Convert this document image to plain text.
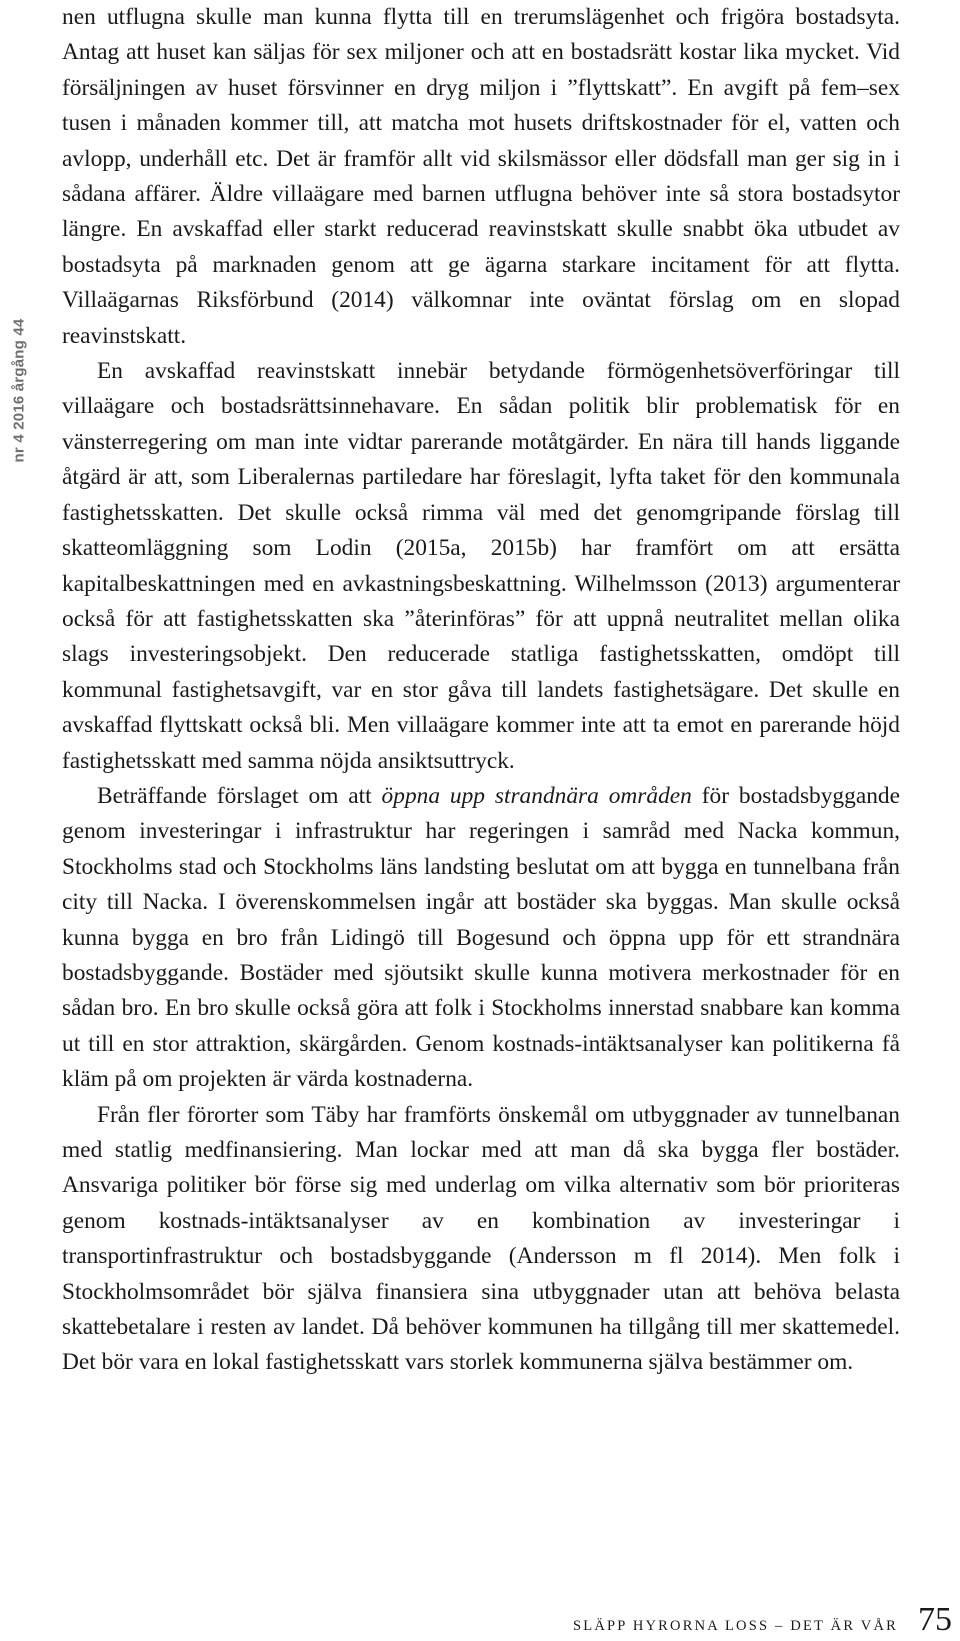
nr 4 2016 årgång 44

nen utflugna skulle man kunna flytta till en trerumslägenhet och frigöra bostadsyta. Antag att huset kan säljas för sex miljoner och att en bostadsrätt kostar lika mycket. Vid försäljningen av huset försvinner en dryg miljon i ”flyttskatt”. En avgift på fem–sex tusen i månaden kommer till, att matcha mot husets driftskostnader för el, vatten och avlopp, underhåll etc. Det är framför allt vid skilsmässor eller dödsfall man ger sig in i sådana affärer. Äldre villaägare med barnen utflugna behöver inte så stora bostadsytor längre. En avskaffad eller starkt reducerad reavinstskatt skulle snabbt öka utbudet av bostadsyta på marknaden genom att ge ägarna starkare incitament för att flytta. Villaägarnas Riksförbund (2014) välkomnar inte oväntat förslag om en slopad reavinstskatt.

En avskaffad reavinstskatt innebär betydande förmögenhetsöverföringar till villaägare och bostadsrättsinnehavare. En sådan politik blir problematisk för en vänsterregering om man inte vidtar parerande motåtgärder. En nära till hands liggande åtgärd är att, som Liberalernas partiledare har föreslagit, lyfta taket för den kommunala fastighetsskatten. Det skulle också rimma väl med det genomgripande förslag till skatteomläggning som Lodin (2015a, 2015b) har framfört om att ersätta kapitalbeskattningen med en avkastningsbeskattning. Wilhelmsson (2013) argumenterar också för att fastighetsskatten ska ”återinföras” för att uppnå neutralitet mellan olika slags investeringsobjekt. Den reducerade statliga fastighetsskatten, omdöpt till kommunal fastighetsavgift, var en stor gåva till landets fastighetsägare. Det skulle en avskaffad flyttskatt också bli. Men villaägare kommer inte att ta emot en parerande höjd fastighetsskatt med samma nöjda ansiktsuttryck.

Beträffande förslaget om att öppna upp strandnära områden för bostadsbyggande genom investeringar i infrastruktur har regeringen i samråd med Nacka kommun, Stockholms stad och Stockholms läns landsting beslutat om att bygga en tunnelbana från city till Nacka. I överenskommelsen ingår att bostäder ska byggas. Man skulle också kunna bygga en bro från Lidingö till Bogesund och öppna upp för ett strandnära bostadsbyggande. Bostäder med sjöutsikt skulle kunna motivera merkostnader för en sådan bro. En bro skulle också göra att folk i Stockholms innerstad snabbare kan komma ut till en stor attraktion, skärgården. Genom kostnads-intäktsanalyser kan politikerna få kläm på om projekten är värda kostnaderna.

Från fler förorter som Täby har framförts önskemål om utbyggnader av tunnelbanan med statlig medfinansiering. Man lockar med att man då ska bygga fler bostäder. Ansvariga politiker bör förse sig med underlag om vilka alternativ som bör prioriteras genom kostnads-intäktsanalyser av en kombination av investeringar i transportinfrastruktur och bostadsbyggande (Andersson m fl 2014). Men folk i Stockholmsområdet bör själva finansiera sina utbyggnader utan att behöva belasta skattebetalare i resten av landet. Då behöver kommunen ha tillgång till mer skattemedel. Det bör vara en lokal fastighetsskatt vars storlek kommunerna själva bestämmer om.

SLÄPP HYRORNA LOSS – DET ÄR VÅR 75
